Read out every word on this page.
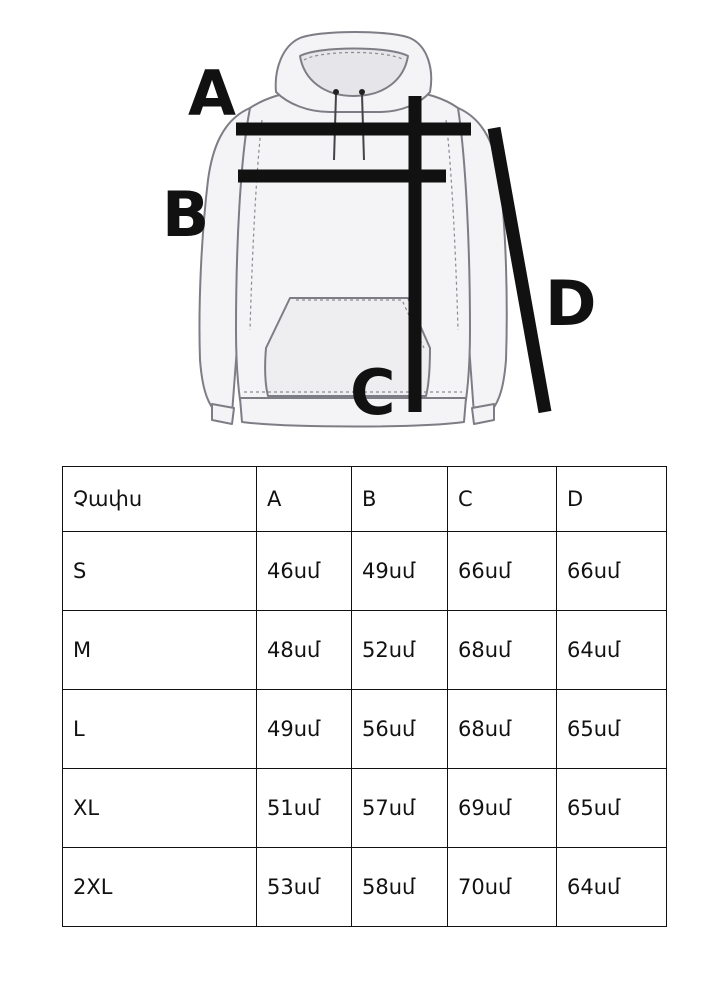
A
B
C
D
Չափս	A	B	C	D
S	46սմ	49սմ	66սմ	66սմ
M	48սմ	52սմ	68սմ	64սմ
L	49սմ	56սմ	68սմ	65սմ
XL	51սմ	57սմ	69սմ	65սմ
2XL	53սմ	58սմ	70սմ	64սմ
